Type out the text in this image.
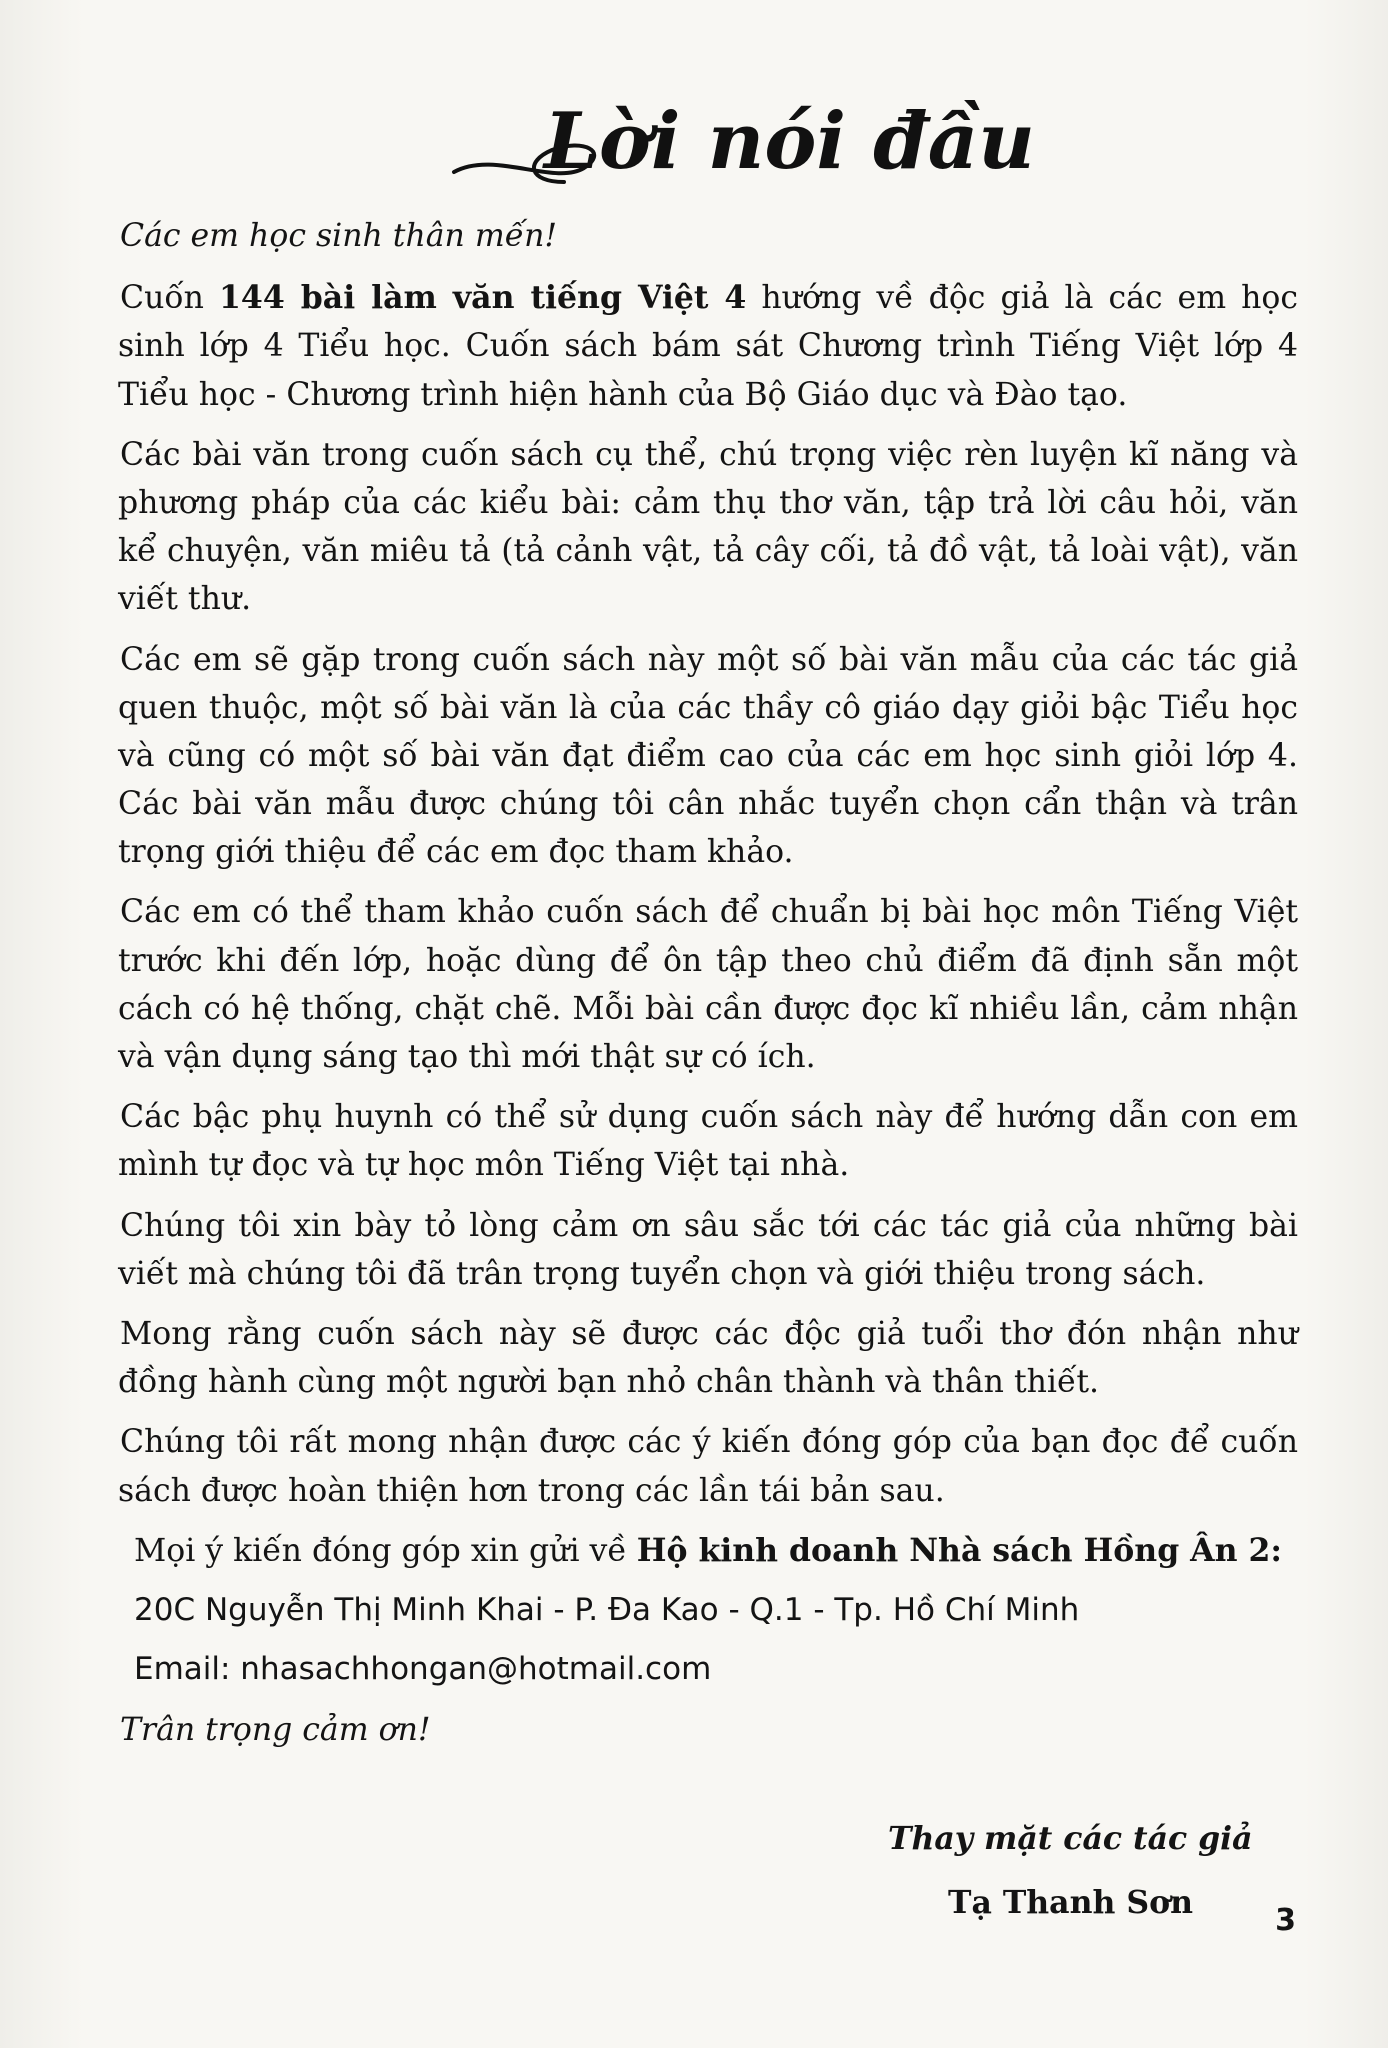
Lời nói đầu

Các em học sinh thân mến!

Cuốn 144 bài làm văn tiếng Việt 4 hướng về độc giả là các em học sinh lớp 4 Tiểu học. Cuốn sách bám sát Chương trình Tiếng Việt lớp 4 Tiểu học - Chương trình hiện hành của Bộ Giáo dục và Đào tạo.

Các bài văn trong cuốn sách cụ thể, chú trọng việc rèn luyện kĩ năng và phương pháp của các kiểu bài: cảm thụ thơ văn, tập trả lời câu hỏi, văn kể chuyện, văn miêu tả (tả cảnh vật, tả cây cối, tả đồ vật, tả loài vật), văn viết thư.

Các em sẽ gặp trong cuốn sách này một số bài văn mẫu của các tác giả quen thuộc, một số bài văn là của các thầy cô giáo dạy giỏi bậc Tiểu học và cũng có một số bài văn đạt điểm cao của các em học sinh giỏi lớp 4. Các bài văn mẫu được chúng tôi cân nhắc tuyển chọn cẩn thận và trân trọng giới thiệu để các em đọc tham khảo.

Các em có thể tham khảo cuốn sách để chuẩn bị bài học môn Tiếng Việt trước khi đến lớp, hoặc dùng để ôn tập theo chủ điểm đã định sẵn một cách có hệ thống, chặt chẽ. Mỗi bài cần được đọc kĩ nhiều lần, cảm nhận và vận dụng sáng tạo thì mới thật sự có ích.

Các bậc phụ huynh có thể sử dụng cuốn sách này để hướng dẫn con em mình tự đọc và tự học môn Tiếng Việt tại nhà.

Chúng tôi xin bày tỏ lòng cảm ơn sâu sắc tới các tác giả của những bài viết mà chúng tôi đã trân trọng tuyển chọn và giới thiệu trong sách.

Mong rằng cuốn sách này sẽ được các độc giả tuổi thơ đón nhận như đồng hành cùng một người bạn nhỏ chân thành và thân thiết.

Chúng tôi rất mong nhận được các ý kiến đóng góp của bạn đọc để cuốn sách được hoàn thiện hơn trong các lần tái bản sau.

Mọi ý kiến đóng góp xin gửi về Hộ kinh doanh Nhà sách Hồng Ân 2:

20C Nguyễn Thị Minh Khai - P. Đa Kao - Q.1 - Tp. Hồ Chí Minh

Email: nhasachhongan@hotmail.com

Trân trọng cảm ơn!

Thay mặt các tác giả
Tạ Thanh Sơn	3
